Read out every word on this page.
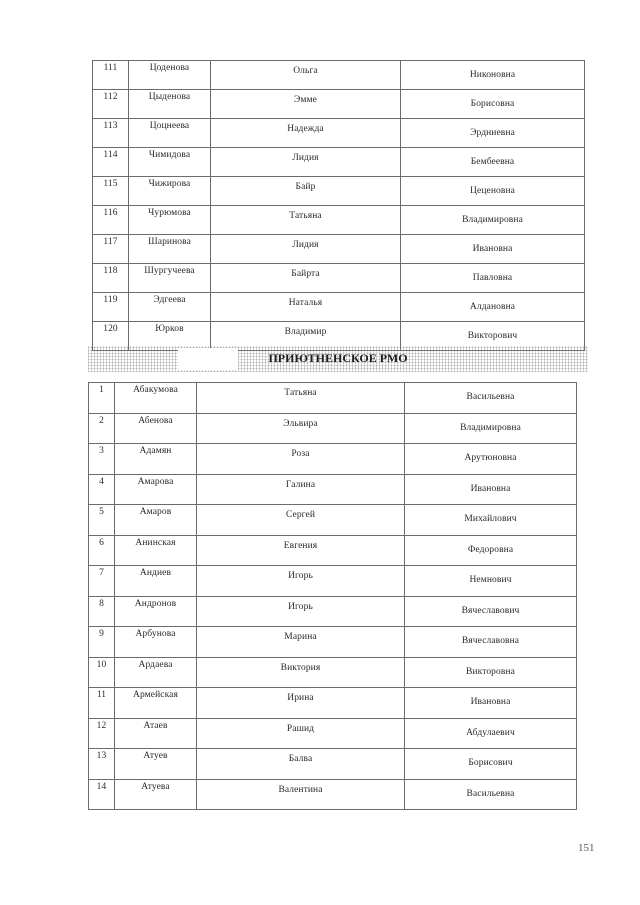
111	Цоденова	Ольга	Никоновна
112	Цыденова	Эмме	Борисовна
113	Цоцнеева	Надежда	Эрдниевна
114	Чимидова	Лидия	Бембеевна
115	Чижирова	Байр	Цеценовна
116	Чурюмова	Татьяна	Владимировна
117	Шаринова	Лидия	Ивановна
118	Шургучеева	Байрта	Павловна
119	Эдгеева	Наталья	Алдановна
120	Юрков	Владимир	Викторович
ПРИЮТНЕНСКОЕ РМО
1	Абакумова	Татьяна	Васильевна
2	Абенова	Эльвира	Владимировна
3	Адамян	Роза	Арутюновна
4	Амарова	Галина	Ивановна
5	Амаров	Сергей	Михайлович
6	Анинская	Евгения	Федоровна
7	Андиев	Игорь	Немнович
8	Андронов	Игорь	Вячеславович
9	Арбунова	Марина	Вячеславовна
10	Ардаева	Виктория	Викторовна
11	Армейская	Ирина	Ивановна
12	Атаев	Рашид	Абдулаевич
13	Атуев	Балва	Борисович
14	Атуева	Валентина	Васильевна
151
